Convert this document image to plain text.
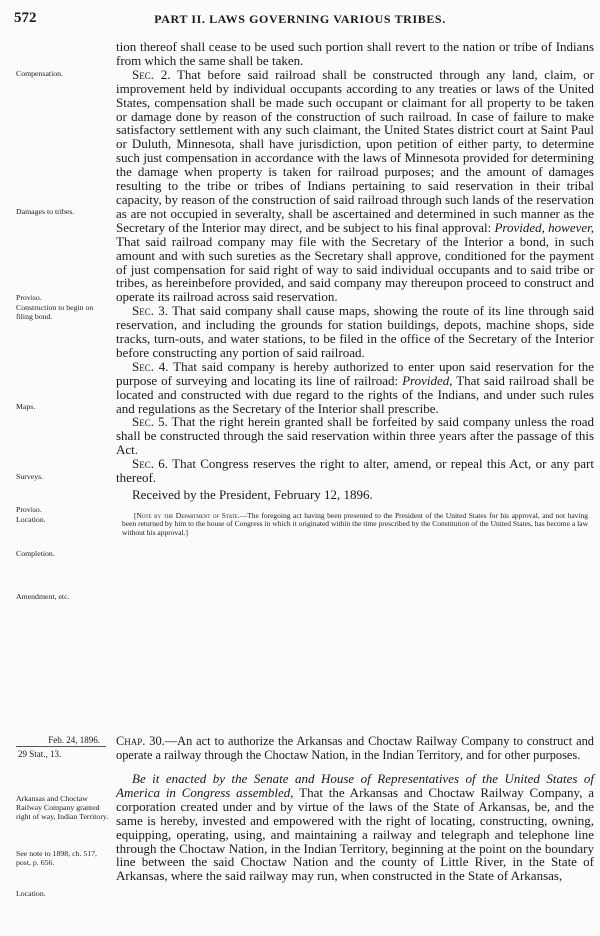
572	PART II. LAWS GOVERNING VARIOUS TRIBES.
Compensation.
Damages to tribes.
Proviso.
Construction to begin on filing bond.
Maps.
Surveys.
Proviso.
Location.
Completion.
Amendment, etc.
Arkansas and Choctaw Railway Company granted right of way, Indian Territory.
See note to 1898, ch. 517, post, p. 656.
Location.

tion thereof shall cease to be used such portion shall revert to the nation or tribe of Indians from which the same shall be taken.

Sec. 2. That before said railroad shall be constructed through any land, claim, or improvement held by individual occupants according to any treaties or laws of the United States, compensation shall be made such occupant or claimant for all property to be taken or damage done by reason of the construction of such railroad. In case of failure to make satisfactory settlement with any such claimant, the United States district court at Saint Paul or Duluth, Minnesota, shall have jurisdiction, upon petition of either party, to determine such just compensation in accordance with the laws of Minnesota provided for determining the damage when property is taken for railroad purposes; and the amount of damages resulting to the tribe or tribes of Indians pertaining to said reservation in their tribal capacity, by reason of the construction of said railroad through such lands of the reservation as are not occupied in severalty, shall be ascertained and determined in such manner as the Secretary of the Interior may direct, and be subject to his final approval: Provided, however, That said railroad company may file with the Secretary of the Interior a bond, in such amount and with such sureties as the Secretary shall approve, conditioned for the payment of just compensation for said right of way to said individual occupants and to said tribe or tribes, as hereinbefore provided, and said company may thereupon proceed to construct and operate its railroad across said reservation.

Sec. 3. That said company shall cause maps, showing the route of its line through said reservation, and including the grounds for station buildings, depots, machine shops, side tracks, turn-outs, and water stations, to be filed in the office of the Secretary of the Interior before constructing any portion of said railroad.

Sec. 4. That said company is hereby authorized to enter upon said reservation for the purpose of surveying and locating its line of railroad: Provided, That said railroad shall be located and constructed with due regard to the rights of the Indians, and under such rules and regulations as the Secretary of the Interior shall prescribe.

Sec. 5. That the right herein granted shall be forfeited by said company unless the road shall be constructed through the said reservation within three years after the passage of this Act.

Sec. 6. That Congress reserves the right to alter, amend, or repeal this Act, or any part thereof.

Received by the President, February 12, 1896.

[Note by the Department of State.—The foregoing act having been presented to the President of the United States for his approval, and not having been returned by him to the house of Congress in which it originated within the time prescribed by the Constitution of the United States, has become a law without his approval.]

Feb. 24, 1896.
29 Stat., 13.
Chap. 30.—An act to authorize the Arkansas and Choctaw Railway Company to construct and operate a railway through the Choctaw Nation, in the Indian Territory, and for other purposes.

Be it enacted by the Senate and House of Representatives of the United States of America in Congress assembled, That the Arkansas and Choctaw Railway Company, a corporation created under and by virtue of the laws of the State of Arkansas, be, and the same is hereby, invested and empowered with the right of locating, constructing, owning, equipping, operating, using, and maintaining a railway and telegraph and telephone line through the Choctaw Nation, in the Indian Territory, beginning at the point on the boundary line between the said Choctaw Nation and the county of Little River, in the State of Arkansas, where the said railway may run, when constructed in the State of Arkansas,
